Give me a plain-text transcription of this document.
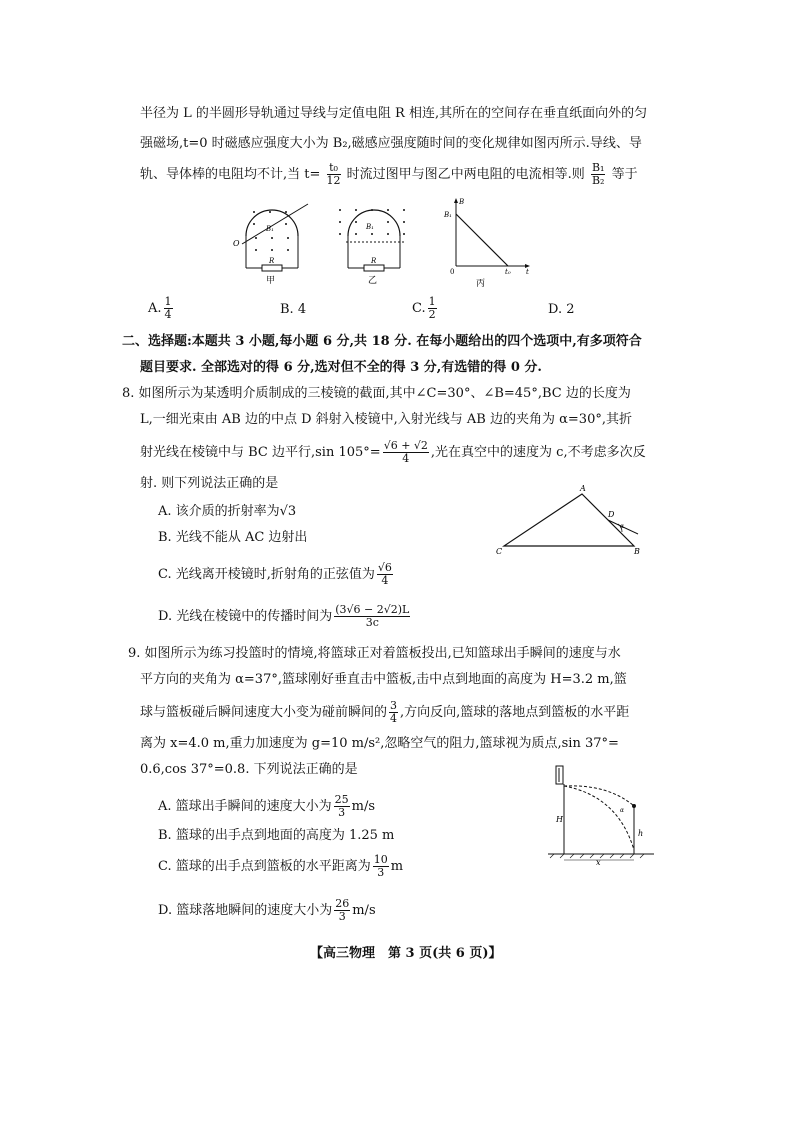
半径为 L 的半圆形导轨通过导线与定值电阻 R 相连,其所在的空间存在垂直纸面向外的匀
强磁场,t=0 时磁感应强度大小为 B₂,磁感应强度随时间的变化规律如图丙所示.导线、导
轨、导体棒的电阻均不计,当 $t= \frac{\text{t₀}}{12}$ 时流过图甲与图乙中两电阻的电流相等.则 $\frac{\text{B₁}}{\text{B₂}}$ 等于
B₁
O
R
甲
B₁
R
乙
B
t
0	t₀
B₁
丙
A. $\frac{1}{4}$	B. 4	C. $\frac{1}{2}$	D. 2
二、选择题:本题共 3 小题,每小题 6 分,共 18 分. 在每小题给出的四个选项中,有多项符合
题目要求. 全部选对的得 6 分,选对但不全的得 3 分,有选错的得 0 分.
8. 如图所示为某透明介质制成的三棱镜的截面,其中∠C=30°、∠B=45°,BC 边的长度为
L,一细光束由 AB 边的中点 D 斜射入棱镜中,入射光线与 AB 边的夹角为 α=30°,其折
射光线在棱镜中与 BC 边平行,sin $105^\circ= \frac{√6 + √2}{4}$ ,光在真空中的速度为 c,不考虑多次反
射. 则下列说法正确的是
A. 该介质的折射率为√3
B. 光线不能从 AC 边射出
C. 光线离开棱镜时,折射角的正弦值为 $\frac{√6}{4}$
D. 光线在棱镜中的传播时间为 $\frac{(3√6 - 2√2)L}{3c}$
A
B
C
D
α
9. 如图所示为练习投篮时的情境,将篮球正对着篮板投出,已知篮球出手瞬间的速度与水
平方向的夹角为 α=37°,篮球刚好垂直击中篮板,击中点到地面的高度为 H=3.2 m,篮
球与篮板碰后瞬间速度大小变为碰前瞬间的 $\frac{3}{4}$ ,方向反向,篮球的落地点到篮板的水平距
离为 x=4.0 m,重力加速度为 g=10 m/s²,忽略空气的阻力,篮球视为质点,sin 37°=
0.6,cos 37°=0.8. 下列说法正确的是
A. 篮球出手瞬间的速度大小为 $\frac{25}{3} m/s$
B. 篮球的出手点到地面的高度为 1.25 m
C. 篮球的出手点到篮板的水平距离为 $\frac{10}{3}$ m
D. 篮球落地瞬间的速度大小为 $\frac{26}{3} m/s$
H
h
x
α
【高三物理　第 3 页(共 6 页)】
